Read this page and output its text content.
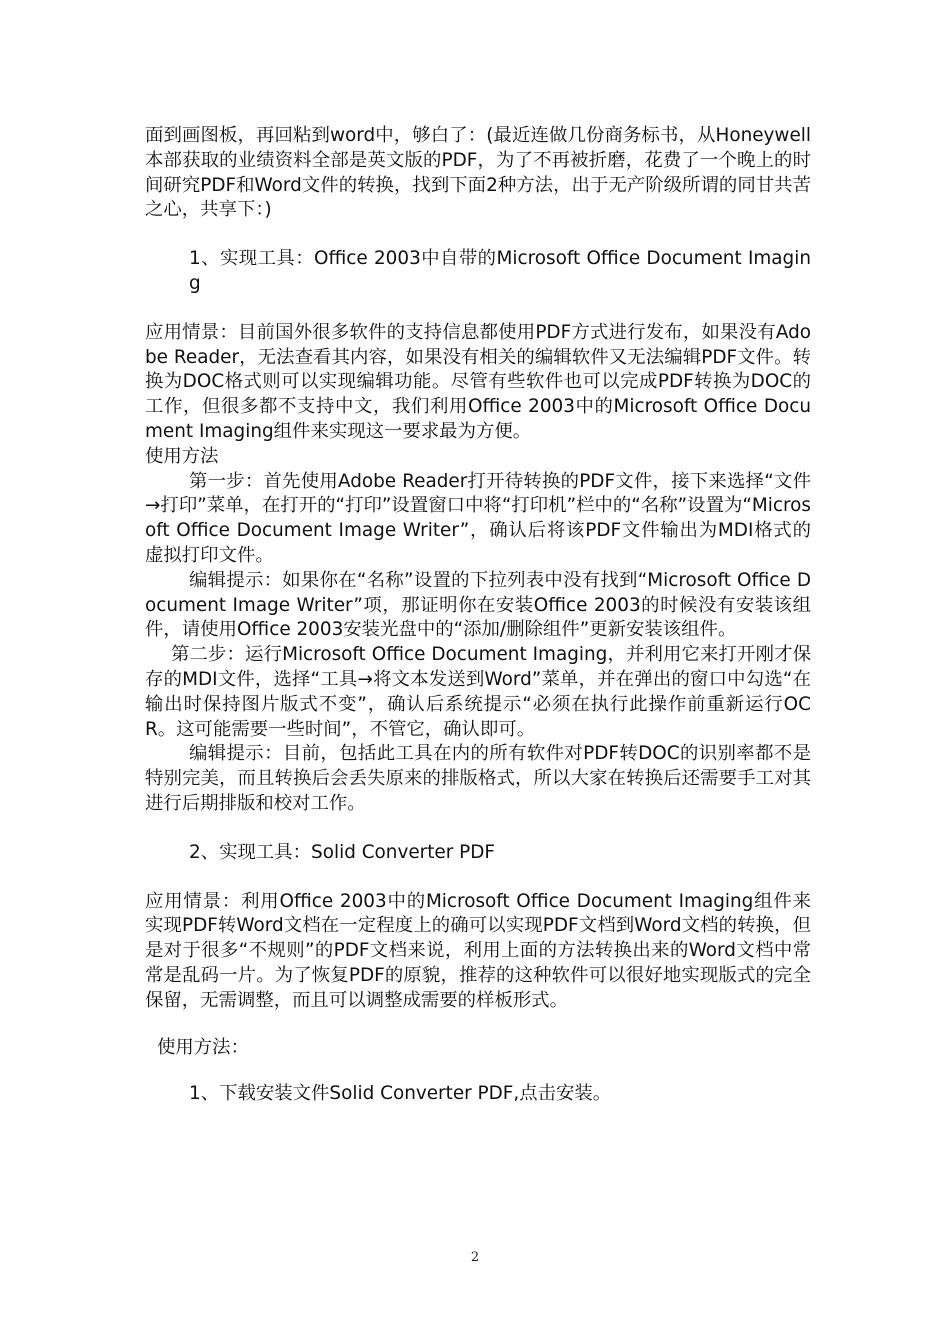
面到画图板，再回粘到word中，够白了：(最近连做几份商务标书，从Honeywell本部获取的业绩资料全部是英文版的PDF，为了不再被折磨，花费了一个晚上的时间研究PDF和Word文件的转换，找到下面2种方法，出于无产阶级所谓的同甘共苦之心，共享下：)

1、实现工具：Office 2003中自带的Microsoft Office Document Imaging

应用情景：目前国外很多软件的支持信息都使用PDF方式进行发布，如果没有Adobe Reader，无法查看其内容，如果没有相关的编辑软件又无法编辑PDF文件。转换为DOC格式则可以实现编辑功能。尽管有些软件也可以完成PDF转换为DOC的工作，但很多都不支持中文，我们利用Office 2003中的Microsoft Office Document Imaging组件来实现这一要求最为方便。

使用方法

第一步：首先使用Adobe Reader打开待转换的PDF文件，接下来选择“文件→打印”菜单，在打开的“打印”设置窗口中将“打印机”栏中的“名称”设置为“Microsoft Office Document Image Writer”，确认后将该PDF文件输出为MDI格式的虚拟打印文件。

编辑提示：如果你在“名称”设置的下拉列表中没有找到“Microsoft Office Document Image Writer”项，那证明你在安装Office 2003的时候没有安装该组件，请使用Office 2003安装光盘中的“添加/删除组件”更新安装该组件。

第二步：运行Microsoft Office Document Imaging，并利用它来打开刚才保存的MDI文件，选择“工具→将文本发送到Word”菜单，并在弹出的窗口中勾选“在输出时保持图片版式不变”，确认后系统提示“必须在执行此操作前重新运行OCR。这可能需要一些时间”，不管它，确认即可。

编辑提示：目前，包括此工具在内的所有软件对PDF转DOC的识别率都不是特别完美，而且转换后会丢失原来的排版格式，所以大家在转换后还需要手工对其进行后期排版和校对工作。

2、实现工具：Solid Converter PDF

应用情景：利用Office 2003中的Microsoft Office Document Imaging组件来实现PDF转Word文档在一定程度上的确可以实现PDF文档到Word文档的转换，但是对于很多“不规则”的PDF文档来说，利用上面的方法转换出来的Word文档中常常是乱码一片。为了恢复PDF的原貌，推荐的这种软件可以很好地实现版式的完全保留，无需调整，而且可以调整成需要的样板形式。

使用方法：

1、下载安装文件Solid Converter PDF,点击安装。

2
